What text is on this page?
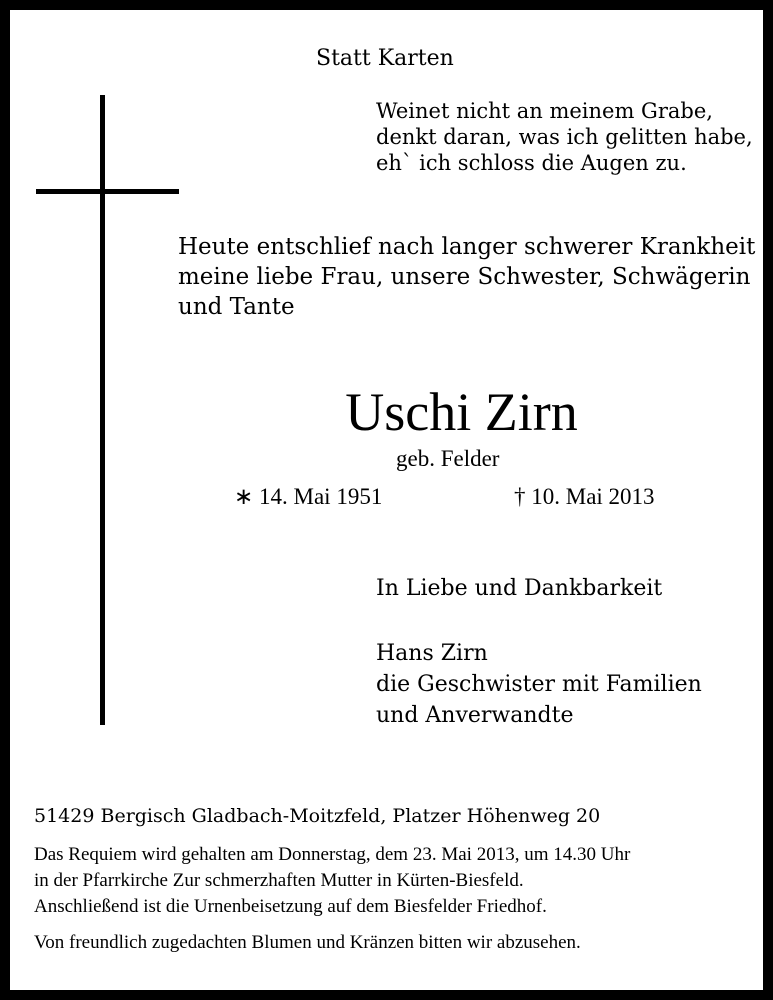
Statt Karten
Weinet nicht an meinem Grabe,
denkt daran, was ich gelitten habe,
eh` ich schloss die Augen zu.
Heute entschlief nach langer schwerer Krankheit
meine liebe Frau, unsere Schwester, Schwägerin
und Tante
Uschi Zirn
geb. Felder
∗ 14. Mai 1951	† 10. Mai 2013
In Liebe und Dankbarkeit
Hans Zirn
die Geschwister mit Familien
und Anverwandte
51429 Bergisch Gladbach-Moitzfeld, Platzer Höhenweg 20
Das Requiem wird gehalten am Donnerstag, dem 23. Mai 2013, um 14.30 Uhr
in der Pfarrkirche Zur schmerzhaften Mutter in Kürten-Biesfeld.
Anschließend ist die Urnenbeisetzung auf dem Biesfelder Friedhof.
Von freundlich zugedachten Blumen und Kränzen bitten wir abzusehen.
